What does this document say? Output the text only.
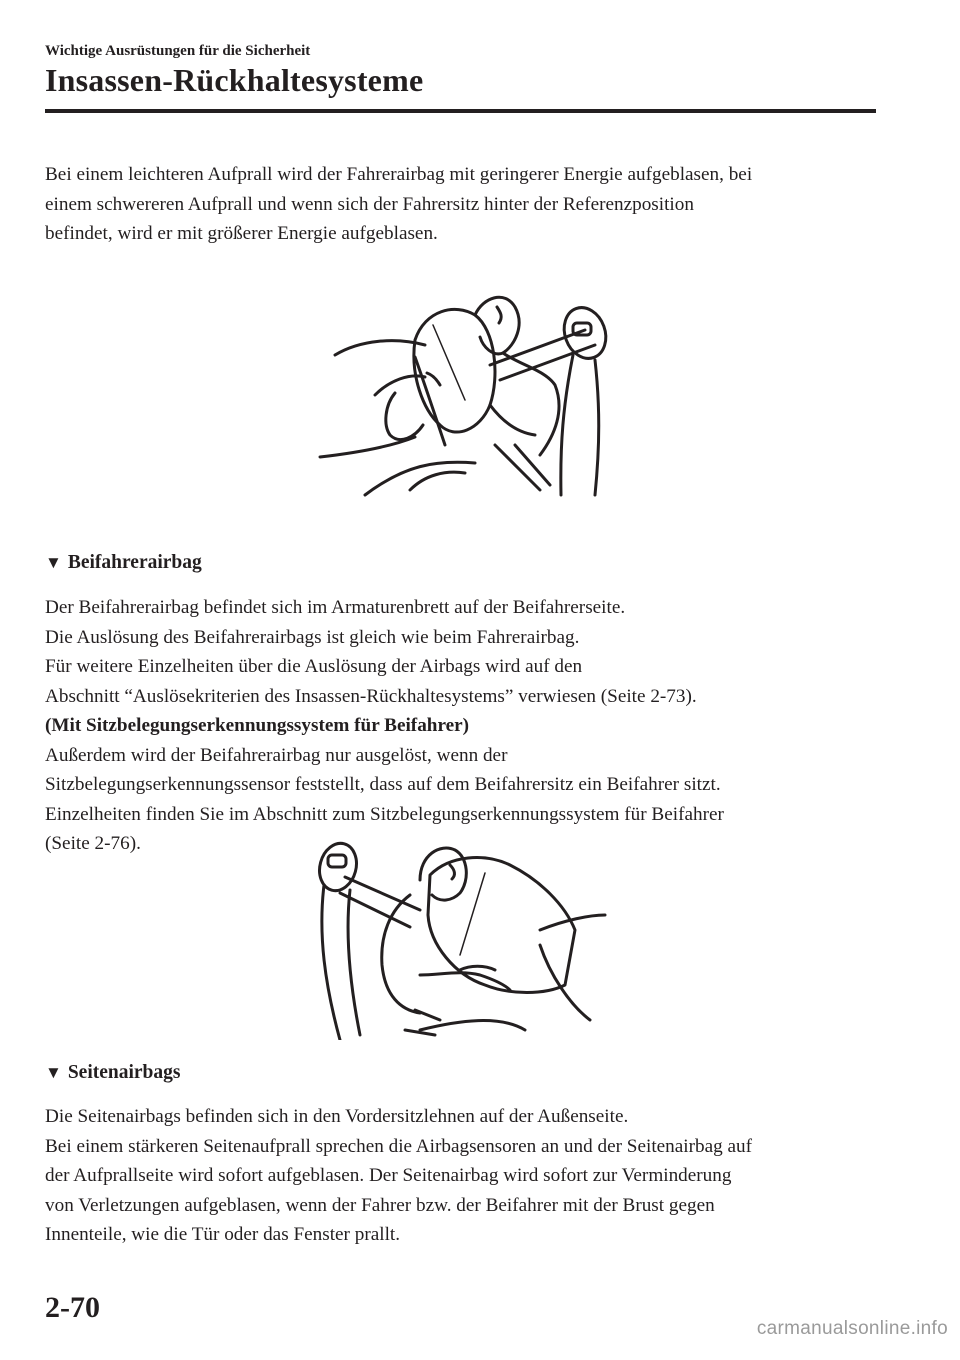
Wichtige Ausrüstungen für die Sicherheit
Insassen-Rückhaltesysteme

Bei einem leichteren Aufprall wird der Fahrerairbag mit geringerer Energie aufgeblasen, bei

einem schwereren Aufprall und wenn sich der Fahrersitz hinter der Referenzposition

befindet, wird er mit größerer Energie aufgeblasen.

▼ Beifahrerairbag

Der Beifahrerairbag befindet sich im Armaturenbrett auf der Beifahrerseite.

Die Auslösung des Beifahrerairbags ist gleich wie beim Fahrerairbag.

Für weitere Einzelheiten über die Auslösung der Airbags wird auf den

Abschnitt “Auslösekriterien des Insassen-Rückhaltesystems” verwiesen (Seite 2-73).

(Mit Sitzbelegungserkennungssystem für Beifahrer)

Außerdem wird der Beifahrerairbag nur ausgelöst, wenn der

Sitzbelegungserkennungssensor feststellt, dass auf dem Beifahrersitz ein Beifahrer sitzt.

Einzelheiten finden Sie im Abschnitt zum Sitzbelegungserkennungssystem für Beifahrer

(Seite 2-76).

▼ Seitenairbags

Die Seitenairbags befinden sich in den Vordersitzlehnen auf der Außenseite.

Bei einem stärkeren Seitenaufprall sprechen die Airbagsensoren an und der Seitenairbag auf

der Aufprallseite wird sofort aufgeblasen. Der Seitenairbag wird sofort zur Verminderung

von Verletzungen aufgeblasen, wenn der Fahrer bzw. der Beifahrer mit der Brust gegen

Innenteile, wie die Tür oder das Fenster prallt.

2-70
carmanualsonline.info
